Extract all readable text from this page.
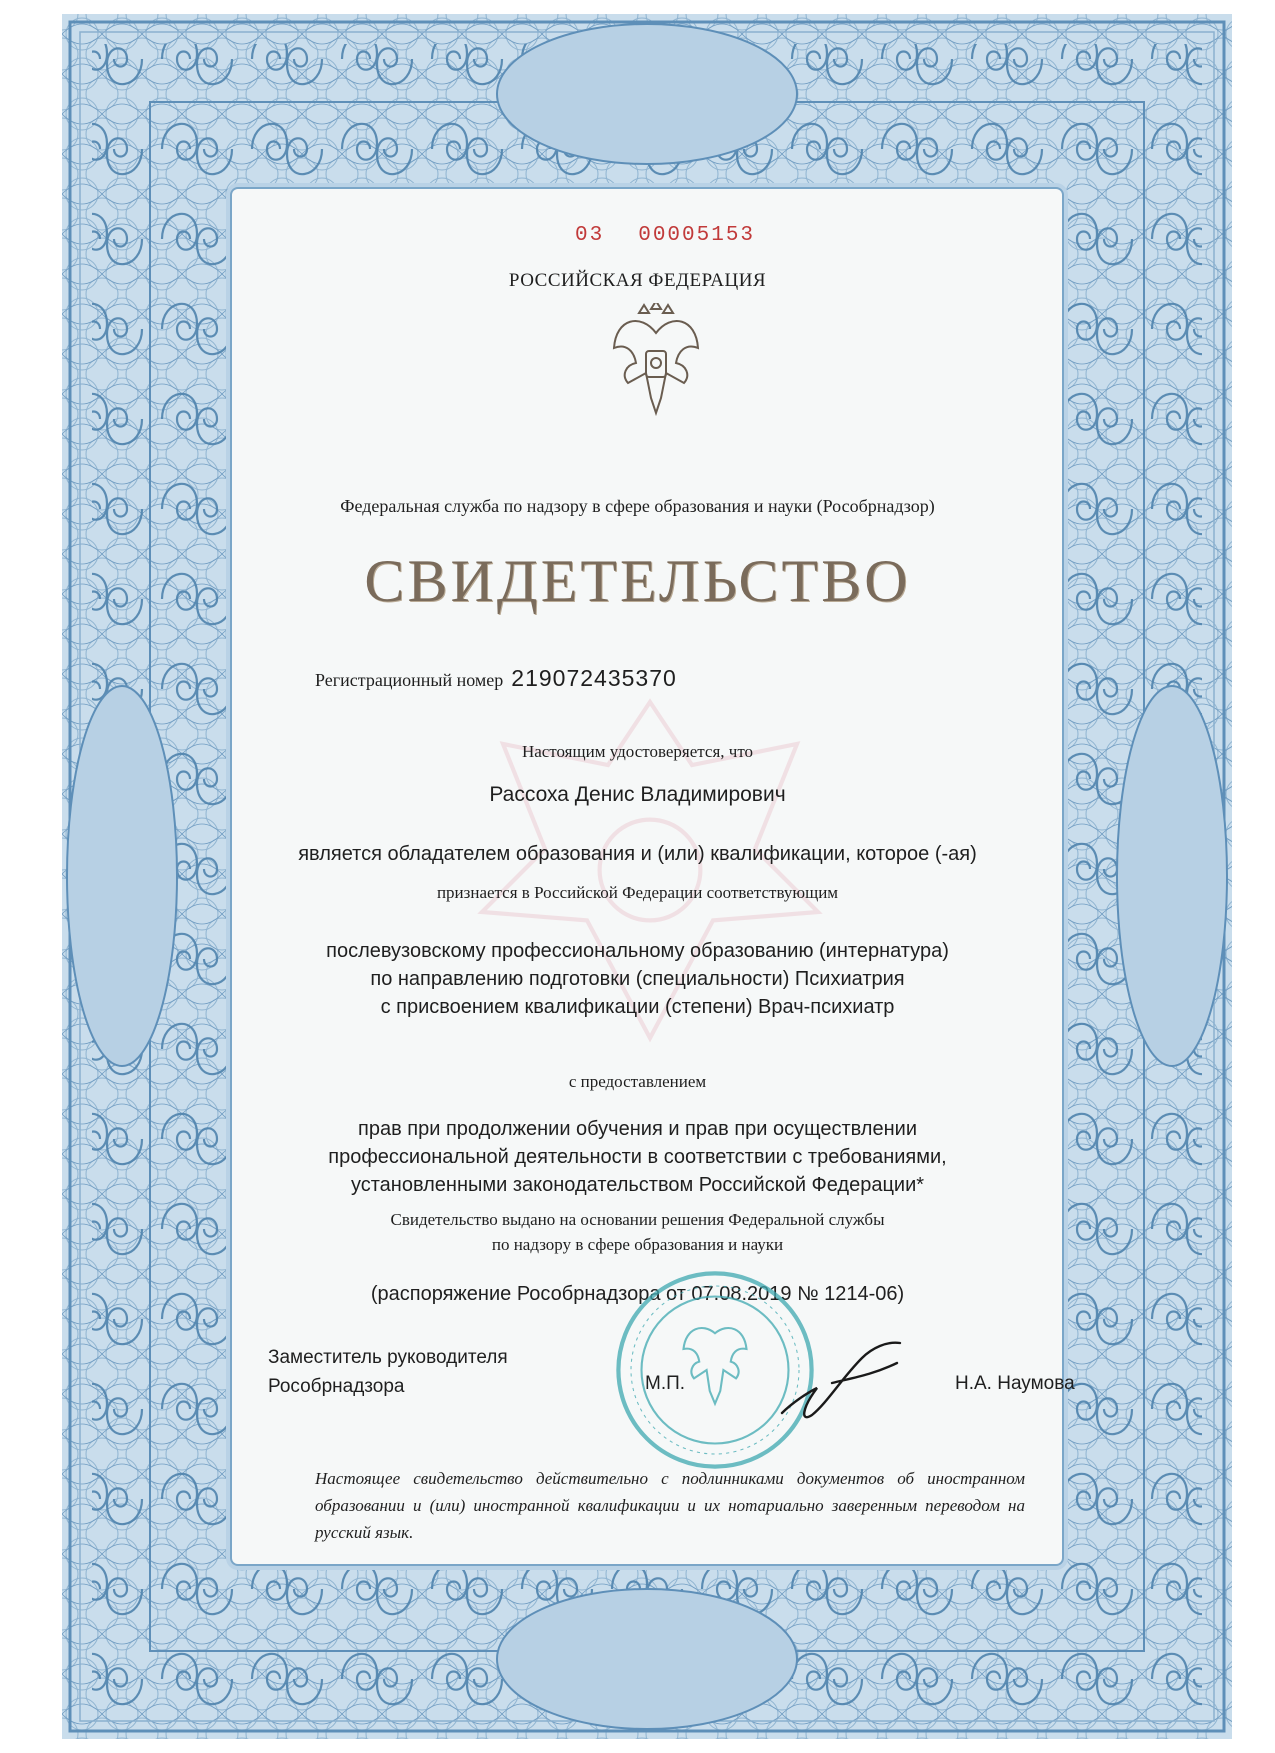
03 00005153
РОССИЙСКАЯ ФЕДЕРАЦИЯ
Федеральная служба по надзору в сфере образования и науки (Рособрнадзор)
СВИДЕТЕЛЬСТВО
Регистрационный номер 219072435370
Настоящим удостоверяется, что
Рассоха Денис Владимирович
является обладателем образования и (или) квалификации, которое (-ая)
признается в Российской Федерации соответствующим
послевузовскому профессиональному образованию (интернатура)
по направлению подготовки (специальности) Психиатрия
с присвоением квалификации (степени) Врач-психиатр
с предоставлением
прав при продолжении обучения и прав при осуществлении
профессиональной деятельности в соответствии с требованиями,
установленными законодательством Российской Федерации*
Свидетельство выдано на основании решения Федеральной службы
по надзору в сфере образования и науки
(распоряжение Рособрнадзора от 07.08.2019 № 1214-06)
Заместитель руководителя
Рособрнадзора	М.П.	Н.А. Наумова
Настоящее свидетельство действительно с подлинниками документов об иностранном образовании и (или) иностранной квалификации и их нотариально заверенным переводом на русский язык.
